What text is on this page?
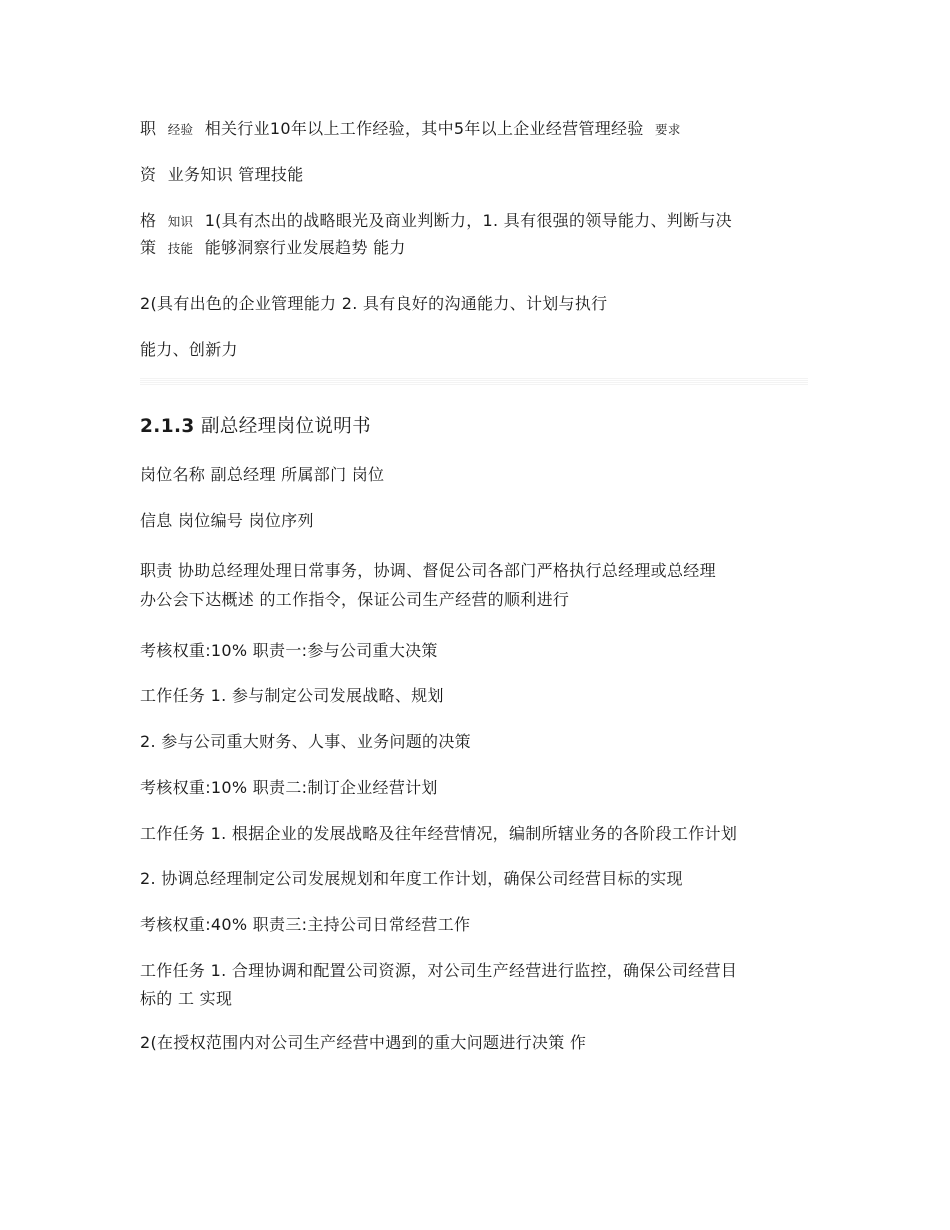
职 经验 相关行业10年以上工作经验，其中5年以上企业经营管理经验 要求
资 业务知识 管理技能
格 知识 1(具有杰出的战略眼光及商业判断力，1. 具有很强的领导能力、判断与决
策 技能 能够洞察行业发展趋势 能力
2(具有出色的企业管理能力 2. 具有良好的沟通能力、计划与执行
能力、创新力
2.1.3 副总经理岗位说明书
岗位名称 副总经理 所属部门 岗位
信息 岗位编号 岗位序列
职责 协助总经理处理日常事务，协调、督促公司各部门严格执行总经理或总经理
办公会下达概述 的工作指令，保证公司生产经营的顺利进行
考核权重:10% 职责一:参与公司重大决策
工作任务 1. 参与制定公司发展战略、规划
2. 参与公司重大财务、人事、业务问题的决策
考核权重:10% 职责二:制订企业经营计划
工作任务 1. 根据企业的发展战略及往年经营情况，编制所辖业务的各阶段工作计划
2. 协调总经理制定公司发展规划和年度工作计划，确保公司经营目标的实现
考核权重:40% 职责三:主持公司日常经营工作
工作任务 1. 合理协调和配置公司资源，对公司生产经营进行监控，确保公司经营目
标的 工 实现
2(在授权范围内对公司生产经营中遇到的重大问题进行决策 作
